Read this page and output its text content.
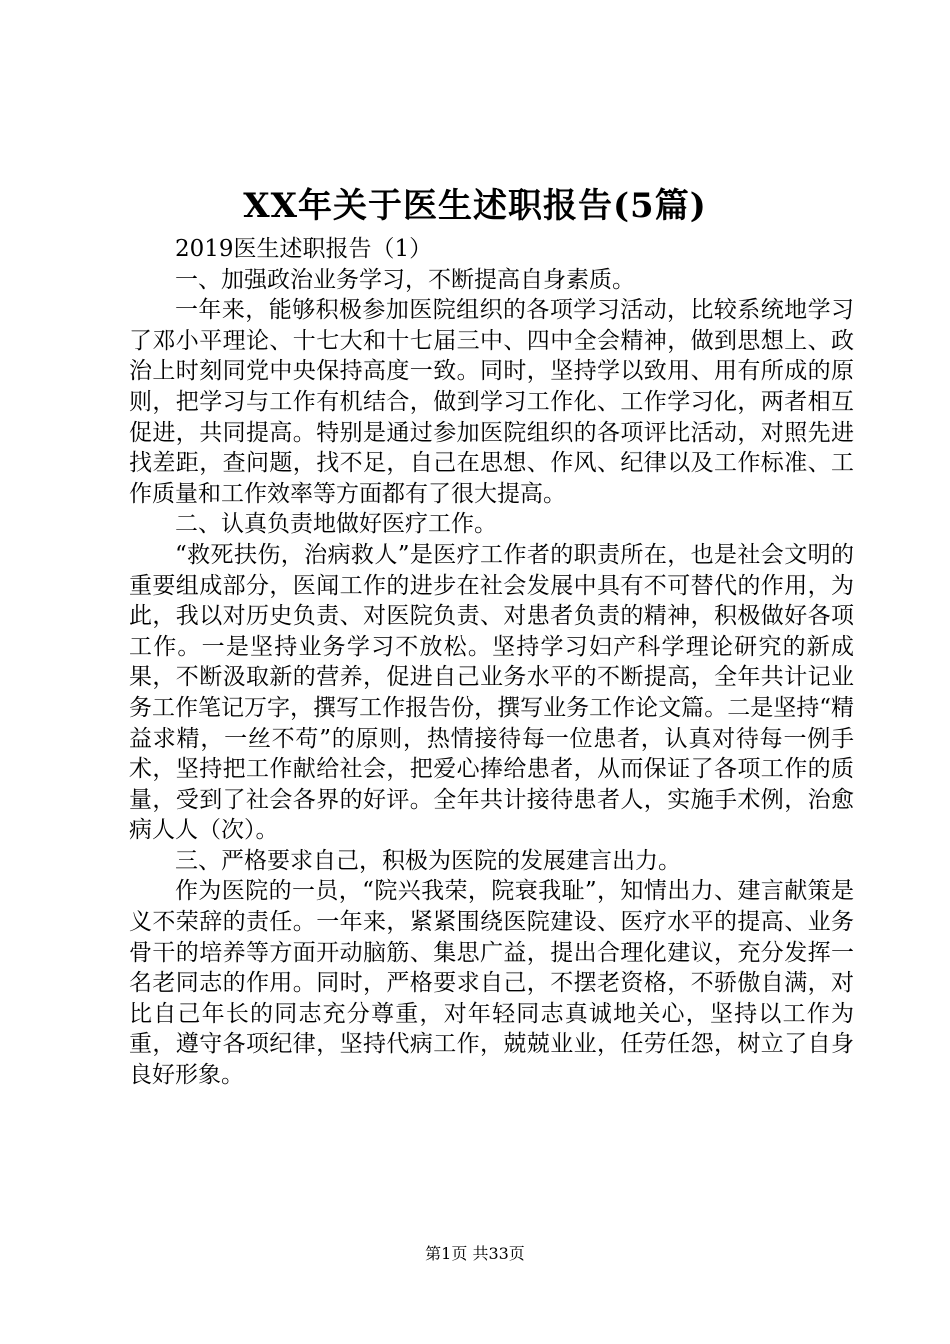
XX年关于医生述职报告(5篇)

2019医生述职报告（1）

一、加强政治业务学习，不断提高自身素质。

一年来，能够积极参加医院组织的各项学习活动，比较系统地学习了邓小平理论、十七大和十七届三中、四中全会精神，做到思想上、政治上时刻同党中央保持高度一致。同时，坚持学以致用、用有所成的原则，把学习与工作有机结合，做到学习工作化、工作学习化，两者相互促进，共同提高。特别是通过参加医院组织的各项评比活动，对照先进找差距，查问题，找不足，自己在思想、作风、纪律以及工作标准、工作质量和工作效率等方面都有了很大提高。

二、认真负责地做好医疗工作。

“救死扶伤，治病救人”是医疗工作者的职责所在，也是社会文明的重要组成部分，医闻工作的进步在社会发展中具有不可替代的作用，为此，我以对历史负责、对医院负责、对患者负责的精神，积极做好各项工作。一是坚持业务学习不放松。坚持学习妇产科学理论研究的新成果，不断汲取新的营养，促进自己业务水平的不断提高，全年共计记业务工作笔记万字，撰写工作报告份，撰写业务工作论文篇。二是坚持“精益求精，一丝不苟”的原则，热情接待每一位患者，认真对待每一例手术，坚持把工作献给社会，把爱心捧给患者，从而保证了各项工作的质量，受到了社会各界的好评。全年共计接待患者人，实施手术例，治愈病人人（次）。

三、严格要求自己，积极为医院的发展建言出力。

作为医院的一员，“院兴我荣，院衰我耻”，知情出力、建言献策是义不荣辞的责任。一年来，紧紧围绕医院建设、医疗水平的提高、业务骨干的培养等方面开动脑筋、集思广益，提出合理化建议，充分发挥一名老同志的作用。同时，严格要求自己，不摆老资格，不骄傲自满，对比自己年长的同志充分尊重，对年轻同志真诚地关心，坚持以工作为重，遵守各项纪律，坚持代病工作，兢兢业业，任劳任怨，树立了自身良好形象。

第1页 共33页
